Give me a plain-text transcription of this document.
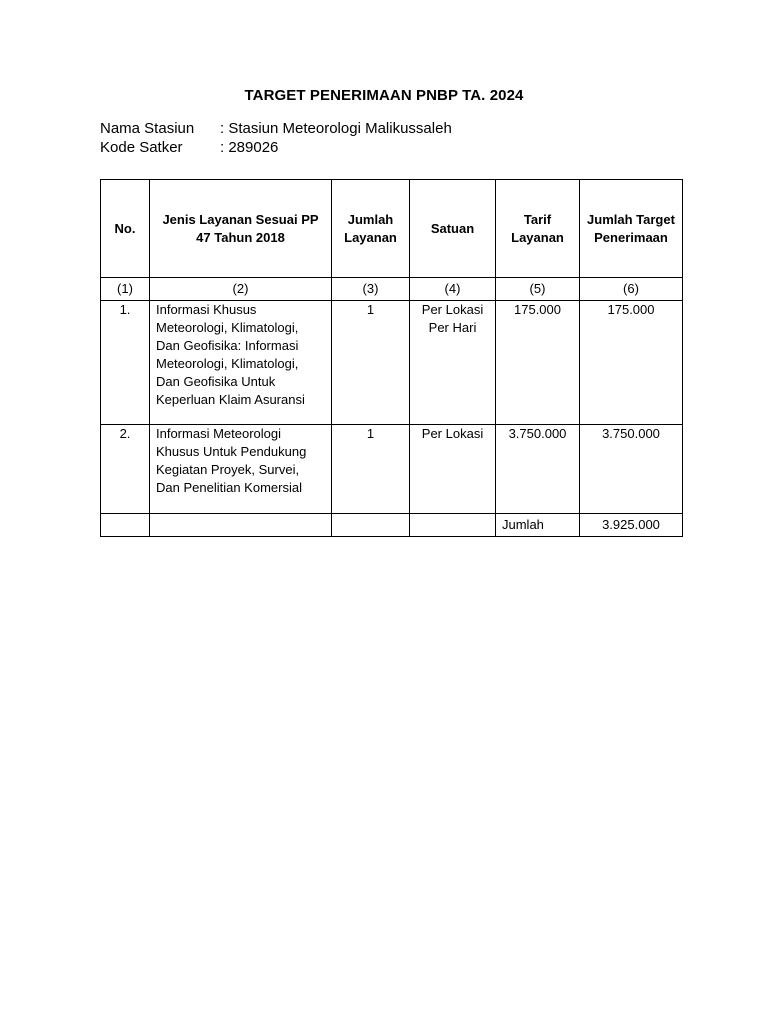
TARGET PENERIMAAN PNBP TA. 2024
Nama Stasiun : Stasiun Meteorologi Malikussaleh
Kode Satker : 289026
No.	Jenis Layanan Sesuai PP 47 Tahun 2018	Jumlah Layanan	Satuan	Tarif Layanan	Jumlah Target Penerimaan
(1)	(2)	(3)	(4)	(5)	(6)
1.	Informasi Khusus Meteorologi, Klimatologi, Dan Geofisika: Informasi Meteorologi, Klimatologi, Dan Geofisika Untuk Keperluan Klaim Asuransi	1	Per Lokasi Per Hari	175.000	175.000
2.	Informasi Meteorologi Khusus Untuk Pendukung Kegiatan Proyek, Survei, Dan Penelitian Komersial	1	Per Lokasi	3.750.000	3.750.000
				Jumlah	3.925.000
